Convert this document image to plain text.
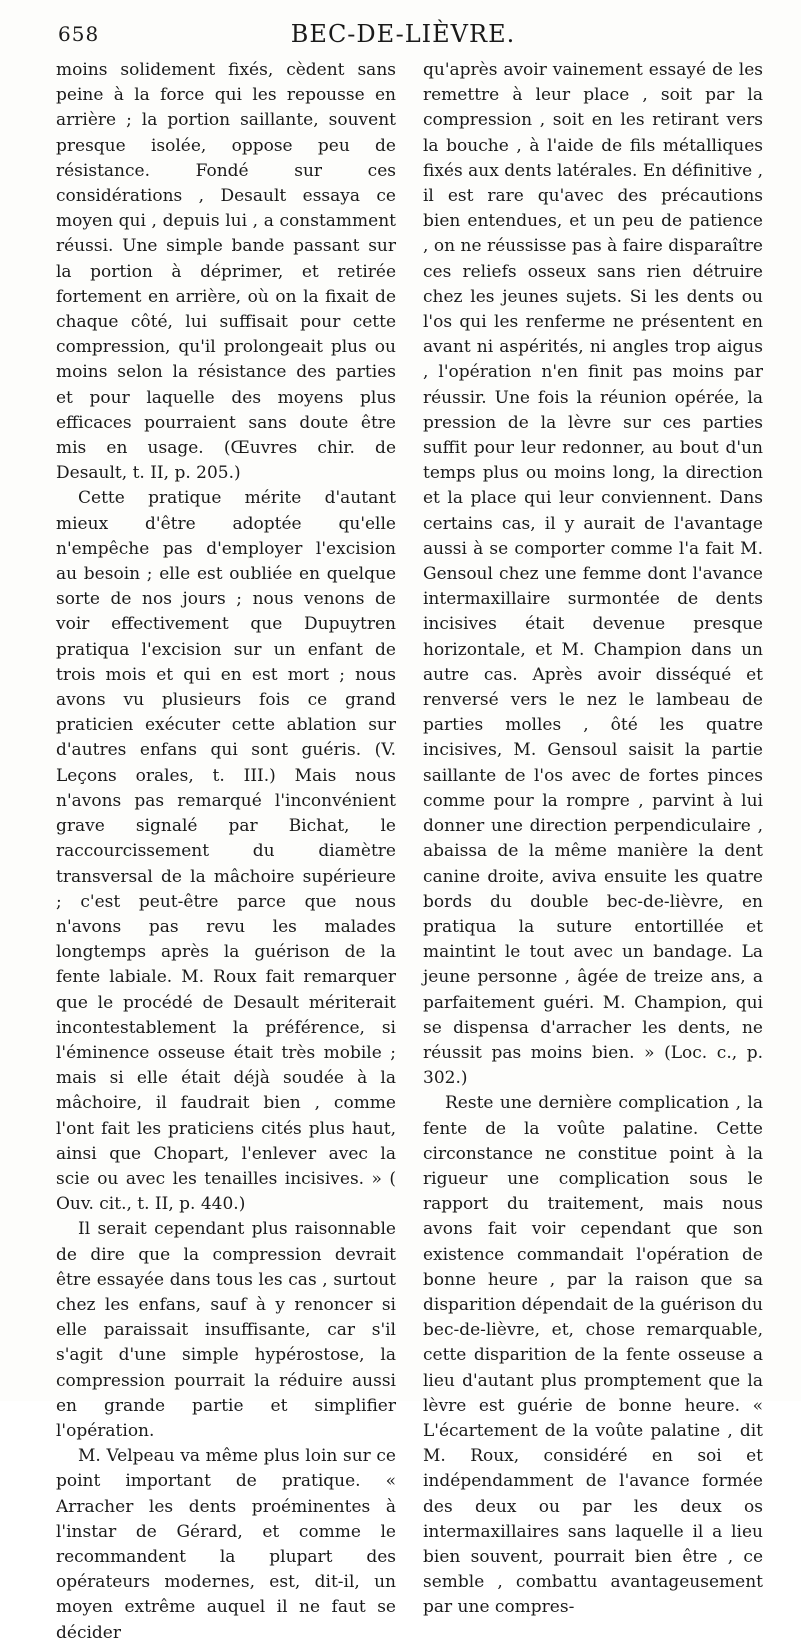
658	BEC-DE-LIÈVRE.

moins solidement fixés, cèdent sans peine à la force qui les repousse en arrière ; la portion saillante, souvent presque isolée, oppose peu de résistance. Fondé sur ces considérations , Desault essaya ce moyen qui , depuis lui , a constamment réussi. Une simple bande passant sur la portion à déprimer, et retirée fortement en arrière, où on la fixait de chaque côté, lui suffisait pour cette compression, qu'il prolongeait plus ou moins selon la résistance des parties et pour laquelle des moyens plus efficaces pourraient sans doute être mis en usage. (Œuvres chir. de Desault, t. II, p. 205.)

Cette pratique mérite d'autant mieux d'être adoptée qu'elle n'empêche pas d'employer l'excision au besoin ; elle est oubliée en quelque sorte de nos jours ; nous venons de voir effectivement que Dupuytren pratiqua l'excision sur un enfant de trois mois et qui en est mort ; nous avons vu plusieurs fois ce grand praticien exécuter cette ablation sur d'autres enfans qui sont guéris. (V. Leçons orales, t. III.) Mais nous n'avons pas remarqué l'inconvénient grave signalé par Bichat, le raccourcissement du diamètre transversal de la mâchoire supérieure ; c'est peut-être parce que nous n'avons pas revu les malades longtemps après la guérison de la fente labiale. M. Roux fait remarquer que le procédé de Desault mériterait incontestablement la préférence, si l'éminence osseuse était très mobile ; mais si elle était déjà soudée à la mâchoire, il faudrait bien , comme l'ont fait les praticiens cités plus haut, ainsi que Chopart, l'enlever avec la scie ou avec les tenailles incisives. » ( Ouv. cit., t. II, p. 440.)

Il serait cependant plus raisonnable de dire que la compression devrait être essayée dans tous les cas , surtout chez les enfans, sauf à y renoncer si elle paraissait insuffisante, car s'il s'agit d'une simple hypérostose, la compression pourrait la réduire aussi en grande partie et simplifier l'opération.

M. Velpeau va même plus loin sur ce point important de pratique. « Arracher les dents proéminentes à l'instar de Gérard, et comme le recommandent la plupart des opérateurs modernes, est, dit-il, un moyen extrême auquel il ne faut se décider

qu'après avoir vainement essayé de les remettre à leur place , soit par la compression , soit en les retirant vers la bouche , à l'aide de fils métalliques fixés aux dents latérales. En définitive , il est rare qu'avec des précautions bien entendues, et un peu de patience , on ne réussisse pas à faire disparaître ces reliefs osseux sans rien détruire chez les jeunes sujets. Si les dents ou l'os qui les renferme ne présentent en avant ni aspérités, ni angles trop aigus , l'opération n'en finit pas moins par réussir. Une fois la réunion opérée, la pression de la lèvre sur ces parties suffit pour leur redonner, au bout d'un temps plus ou moins long, la direction et la place qui leur conviennent. Dans certains cas, il y aurait de l'avantage aussi à se comporter comme l'a fait M. Gensoul chez une femme dont l'avance intermaxillaire surmontée de dents incisives était devenue presque horizontale, et M. Champion dans un autre cas. Après avoir disséqué et renversé vers le nez le lambeau de parties molles , ôté les quatre incisives, M. Gensoul saisit la partie saillante de l'os avec de fortes pinces comme pour la rompre , parvint à lui donner une direction perpendiculaire , abaissa de la même manière la dent canine droite, aviva ensuite les quatre bords du double bec-de-lièvre, en pratiqua la suture entortillée et maintint le tout avec un bandage. La jeune personne , âgée de treize ans, a parfaitement guéri. M. Champion, qui se dispensa d'arracher les dents, ne réussit pas moins bien. » (Loc. c., p. 302.)

Reste une dernière complication , la fente de la voûte palatine. Cette circonstance ne constitue point à la rigueur une complication sous le rapport du traitement, mais nous avons fait voir cependant que son existence commandait l'opération de bonne heure , par la raison que sa disparition dépendait de la guérison du bec-de-lièvre, et, chose remarquable, cette disparition de la fente osseuse a lieu d'autant plus promptement que la lèvre est guérie de bonne heure. « L'écartement de la voûte palatine , dit M. Roux, considéré en soi et indépendamment de l'avance formée des deux ou par les deux os intermaxillaires sans laquelle il a lieu bien souvent, pourrait bien être , ce semble , combattu avantageusement par une compres-
